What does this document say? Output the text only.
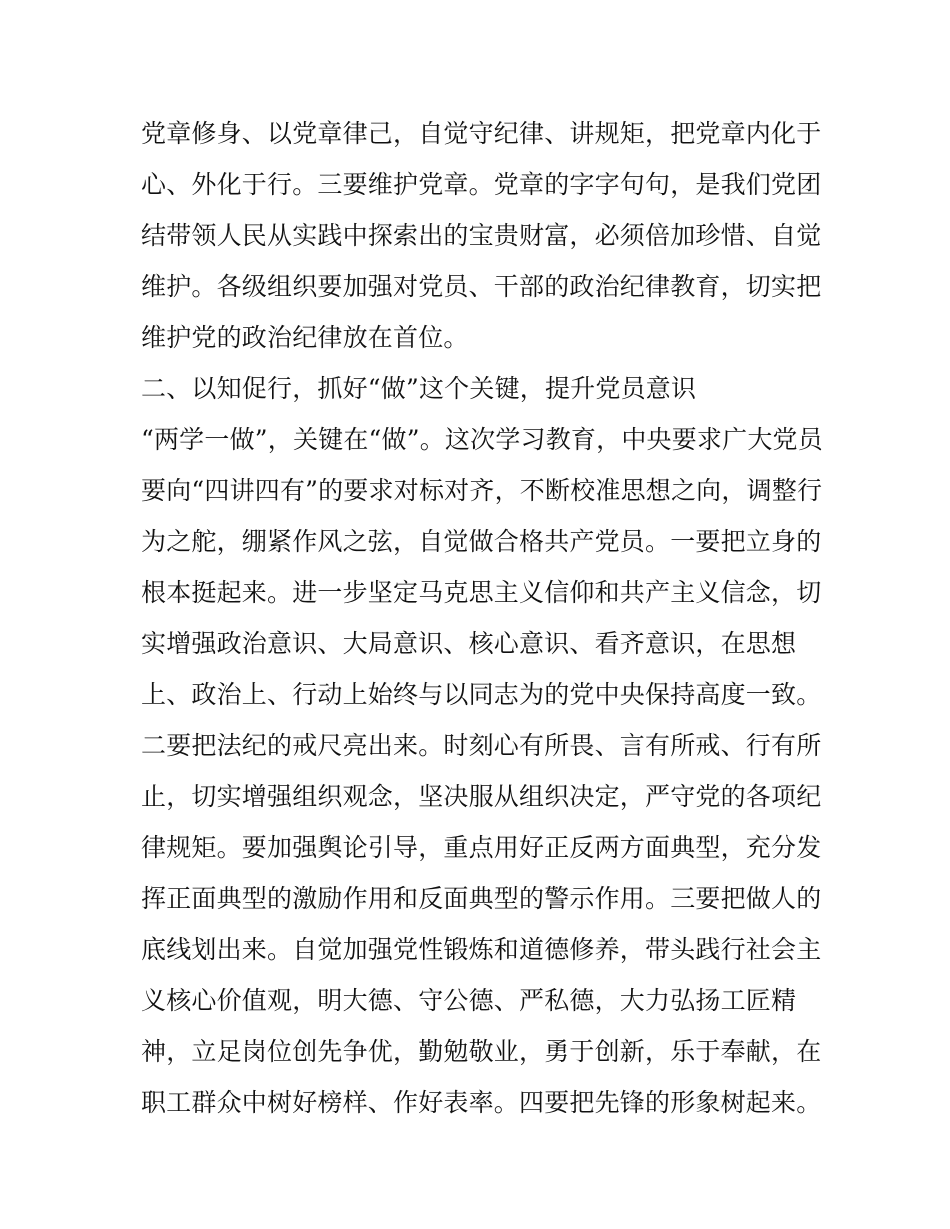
党章修身、以党章律己，自觉守纪律、讲规矩，把党章内化于
心、外化于行。三要维护党章。党章的字字句句，是我们党团
结带领人民从实践中探索出的宝贵财富，必须倍加珍惜、自觉
维护。各级组织要加强对党员、干部的政治纪律教育，切实把
维护党的政治纪律放在首位。
二、以知促行，抓好“做”这个关键，提升党员意识
“两学一做”，关键在“做”。这次学习教育，中央要求广大党员
要向“四讲四有”的要求对标对齐，不断校准思想之向，调整行
为之舵，绷紧作风之弦，自觉做合格共产党员。一要把立身的
根本挺起来。进一步坚定马克思主义信仰和共产主义信念，切
实增强政治意识、大局意识、核心意识、看齐意识，在思想
上、政治上、行动上始终与以同志为的党中央保持高度一致。
二要把法纪的戒尺亮出来。时刻心有所畏、言有所戒、行有所
止，切实增强组织观念，坚决服从组织决定，严守党的各项纪
律规矩。要加强舆论引导，重点用好正反两方面典型，充分发
挥正面典型的激励作用和反面典型的警示作用。三要把做人的
底线划出来。自觉加强党性锻炼和道德修养，带头践行社会主
义核心价值观，明大德、守公德、严私德，大力弘扬工匠精
神，立足岗位创先争优，勤勉敬业，勇于创新，乐于奉献，在
职工群众中树好榜样、作好表率。四要把先锋的形象树起来。
